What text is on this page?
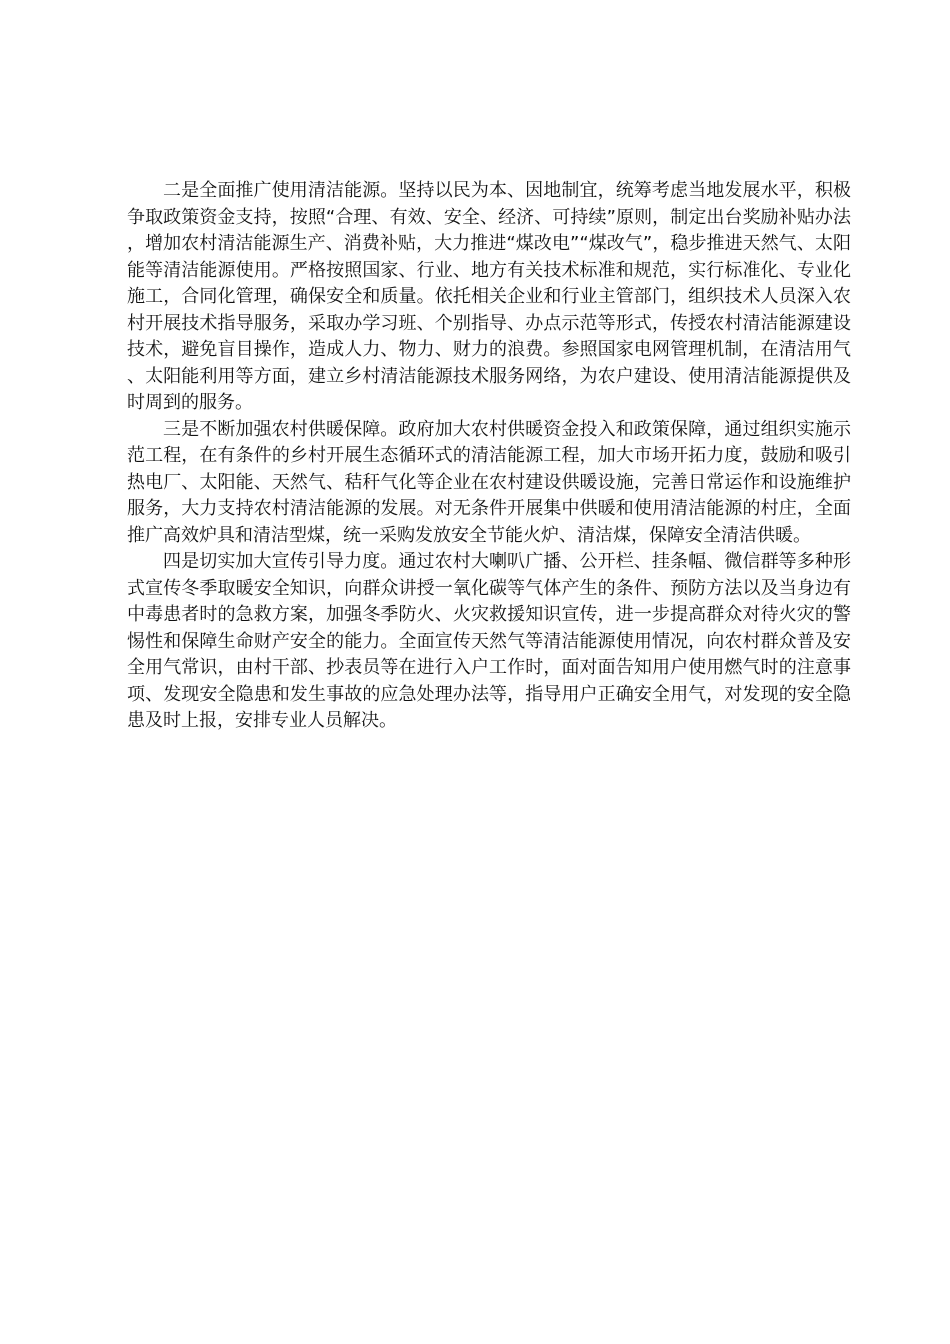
二是全面推广使用清洁能源。坚持以民为本、因地制宜，统筹考虑当地发展水平，积极争取政策资金支持，按照“合理、有效、安全、经济、可持续”原则，制定出台奖励补贴办法，增加农村清洁能源生产、消费补贴，大力推进“煤改电”“煤改气”，稳步推进天然气、太阳能等清洁能源使用。严格按照国家、行业、地方有关技术标准和规范，实行标准化、专业化施工，合同化管理，确保安全和质量。依托相关企业和行业主管部门，组织技术人员深入农村开展技术指导服务，采取办学习班、个别指导、办点示范等形式，传授农村清洁能源建设技术，避免盲目操作，造成人力、物力、财力的浪费。参照国家电网管理机制，在清洁用气、太阳能利用等方面，建立乡村清洁能源技术服务网络，为农户建设、使用清洁能源提供及时周到的服务。

三是不断加强农村供暖保障。政府加大农村供暖资金投入和政策保障，通过组织实施示范工程，在有条件的乡村开展生态循环式的清洁能源工程，加大市场开拓力度，鼓励和吸引热电厂、太阳能、天然气、秸秆气化等企业在农村建设供暖设施，完善日常运作和设施维护服务，大力支持农村清洁能源的发展。对无条件开展集中供暖和使用清洁能源的村庄，全面推广高效炉具和清洁型煤，统一采购发放安全节能火炉、清洁煤，保障安全清洁供暖。

四是切实加大宣传引导力度。通过农村大喇叭广播、公开栏、挂条幅、微信群等多种形式宣传冬季取暖安全知识，向群众讲授一氧化碳等气体产生的条件、预防方法以及当身边有中毒患者时的急救方案，加强冬季防火、火灾救援知识宣传，进一步提高群众对待火灾的警惕性和保障生命财产安全的能力。全面宣传天然气等清洁能源使用情况，向农村群众普及安全用气常识，由村干部、抄表员等在进行入户工作时，面对面告知用户使用燃气时的注意事项、发现安全隐患和发生事故的应急处理办法等，指导用户正确安全用气，对发现的安全隐患及时上报，安排专业人员解决。
